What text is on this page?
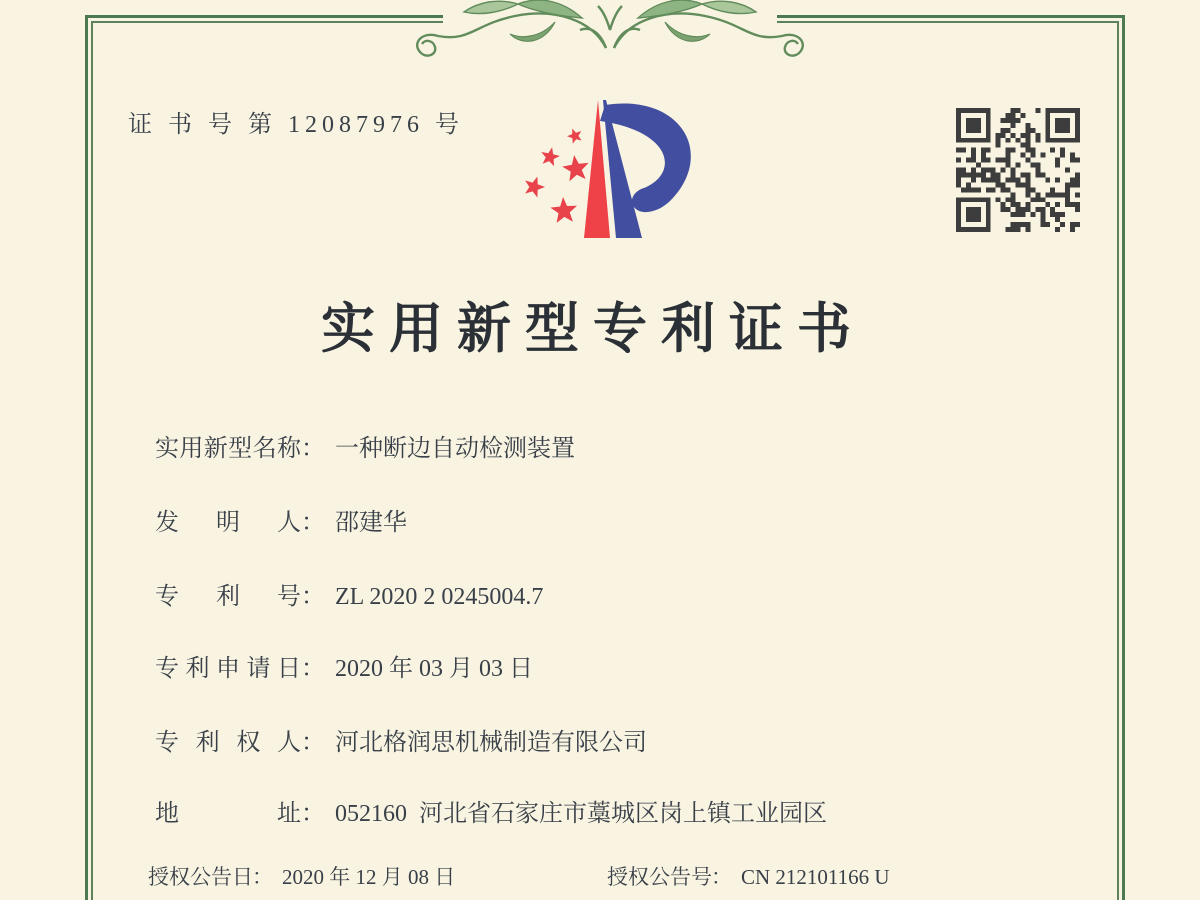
证 书 号 第 12087976 号
实用新型专利证书
实 用 新 型 名 称 ： 一种断边自动检测装置
发 明 人 ： 邵建华
专 利 号 ： ZL 2020 2 0245004.7
专 利 申 请 日 ： 2020 年 03 月 03 日
专 利 权 人 ： 河北格润思机械制造有限公司
地	址 ： 052160  河北省石家庄市藁城区岗上镇工业园区
授 权 公 告 日 ： 2020 年 12 月 08 日	授 权 公 告 号 ： CN 212101166 U
